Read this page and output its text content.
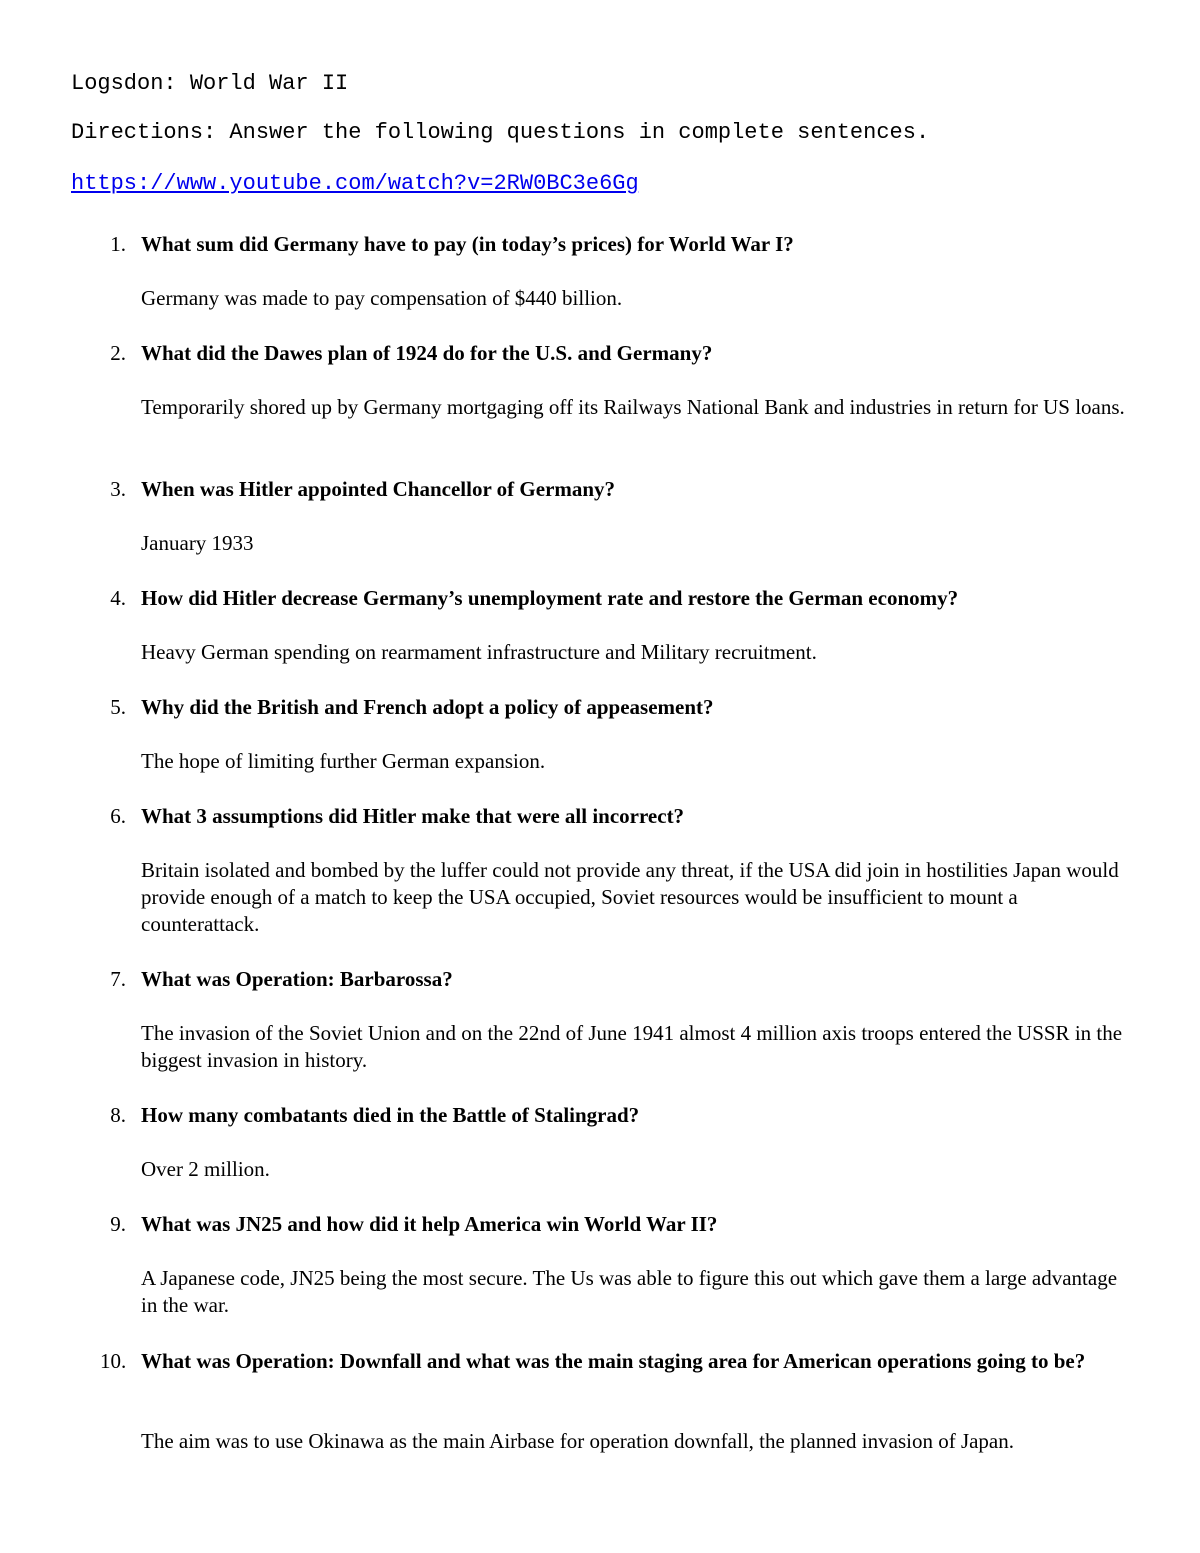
Logsdon: World War II
Directions: Answer the following questions in complete sentences.
https://www.youtube.com/watch?v=2RW0BC3e6Gg
1. What sum did Germany have to pay (in today’s prices) for World War I?
Germany was made to pay compensation of $440 billion.
2. What did the Dawes plan of 1924 do for the U.S. and Germany?
Temporarily shored up by Germany mortgaging off its Railways National Bank and industries in return for US loans.
3. When was Hitler appointed Chancellor of Germany?
January 1933
4. How did Hitler decrease Germany’s unemployment rate and restore the German economy?
Heavy German spending on rearmament infrastructure and Military recruitment.
5. Why did the British and French adopt a policy of appeasement?
The hope of limiting further German expansion.
6. What 3 assumptions did Hitler make that were all incorrect?
Britain isolated and bombed by the luffer could not provide any threat, if the USA did join in hostilities Japan would provide enough of a match to keep the USA occupied, Soviet resources would be insufficient to mount a counterattack.
7. What was Operation: Barbarossa?
The invasion of the Soviet Union and on the 22nd of June 1941 almost 4 million axis troops entered the USSR in the biggest invasion in history.
8. How many combatants died in the Battle of Stalingrad?
Over 2 million.
9. What was JN25 and how did it help America win World War II?
A Japanese code, JN25 being the most secure. The Us was able to figure this out which gave them a large advantage in the war.
10. What was Operation: Downfall and what was the main staging area for American operations going to be?
The aim was to use Okinawa as the main Airbase for operation downfall, the planned invasion of Japan.
